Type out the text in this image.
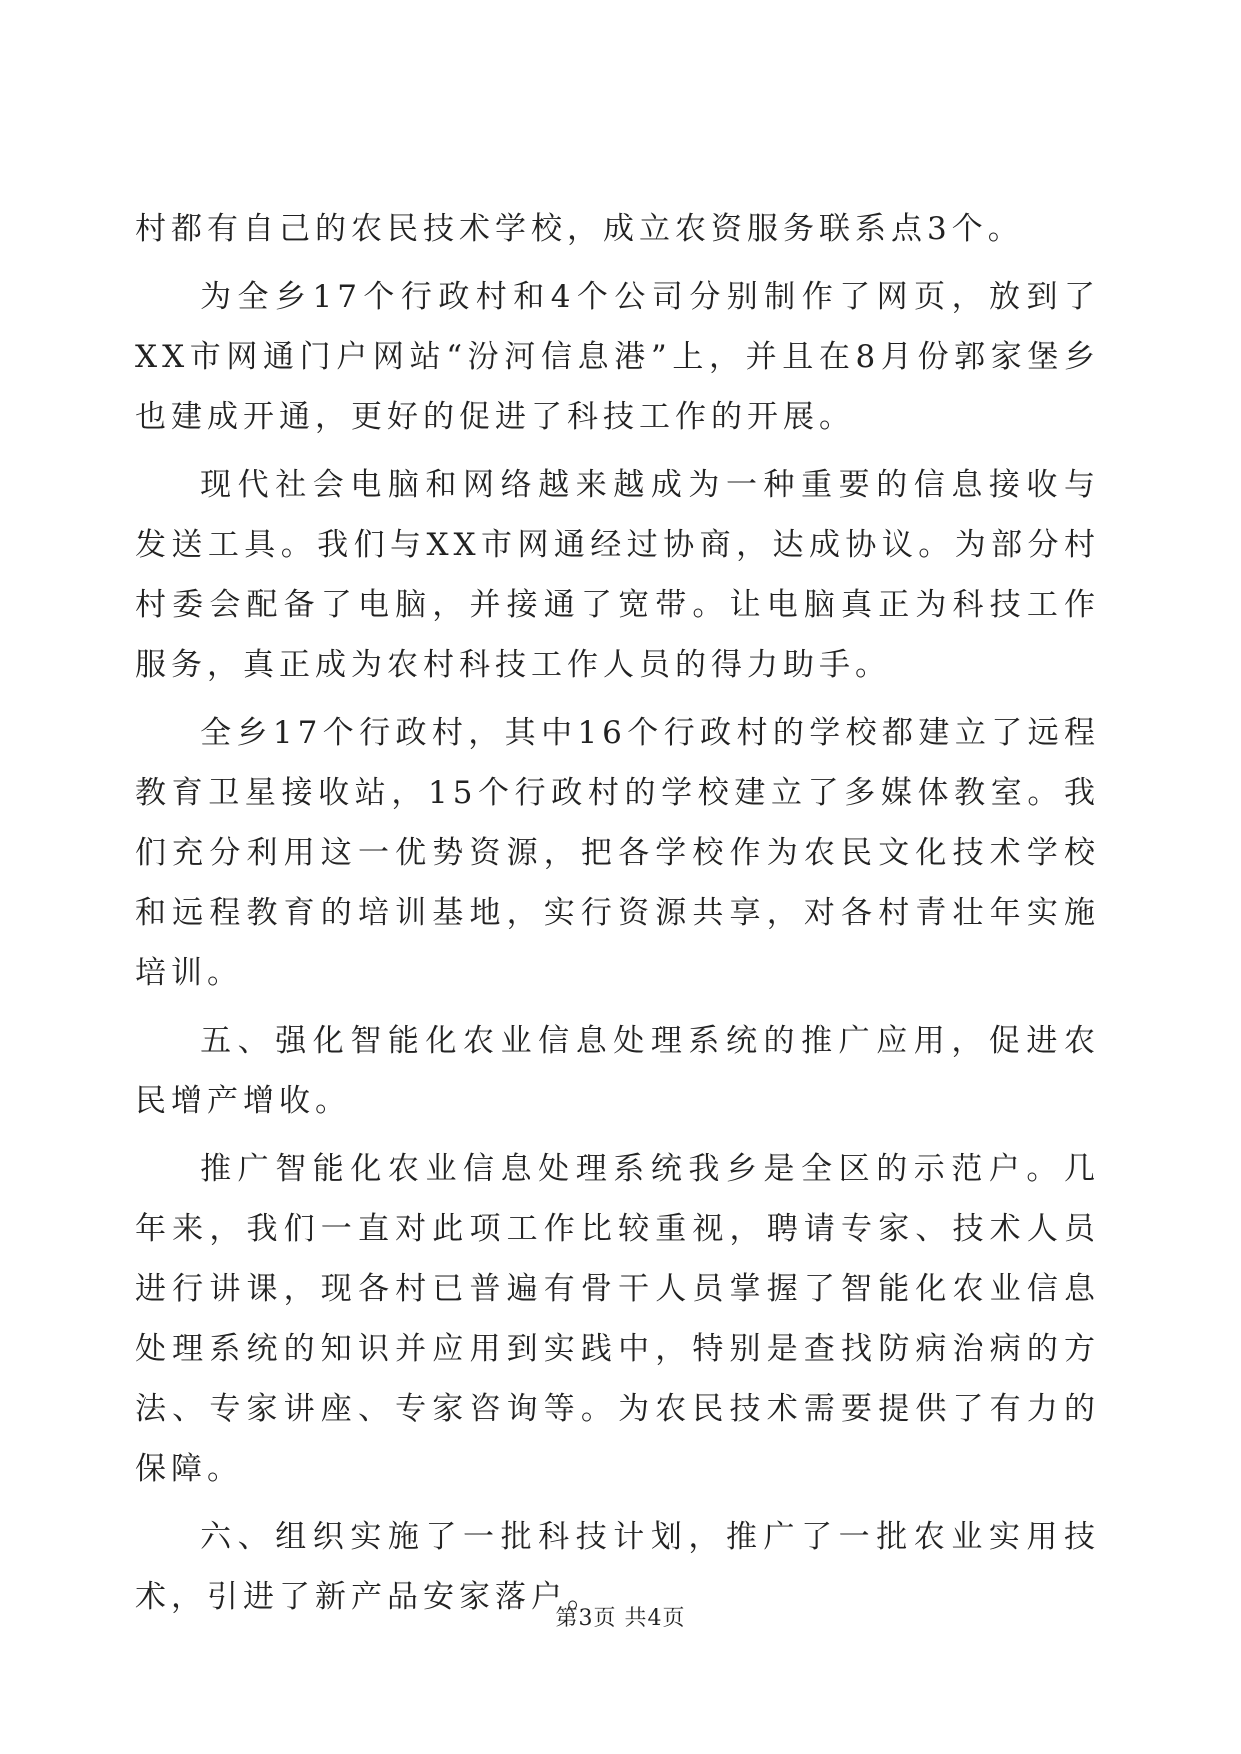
村都有自己的农民技术学校，成立农资服务联系点3个。

为全乡17个行政村和4个公司分别制作了网页，放到了XX市网通门户网站“汾河信息港”上，并且在8月份郭家堡乡也建成开通，更好的促进了科技工作的开展。

现代社会电脑和网络越来越成为一种重要的信息接收与发送工具。我们与XX市网通经过协商，达成协议。为部分村村委会配备了电脑，并接通了宽带。让电脑真正为科技工作服务，真正成为农村科技工作人员的得力助手。

全乡17个行政村，其中16个行政村的学校都建立了远程教育卫星接收站，15个行政村的学校建立了多媒体教室。我们充分利用这一优势资源，把各学校作为农民文化技术学校和远程教育的培训基地，实行资源共享，对各村青壮年实施培训。

五、强化智能化农业信息处理系统的推广应用，促进农民增产增收。

推广智能化农业信息处理系统我乡是全区的示范户。几年来，我们一直对此项工作比较重视，聘请专家、技术人员进行讲课，现各村已普遍有骨干人员掌握了智能化农业信息处理系统的知识并应用到实践中，特别是查找防病治病的方法、专家讲座、专家咨询等。为农民技术需要提供了有力的保障。

六、组织实施了一批科技计划，推广了一批农业实用技术，引进了新产品安家落户。

第3页 共4页
